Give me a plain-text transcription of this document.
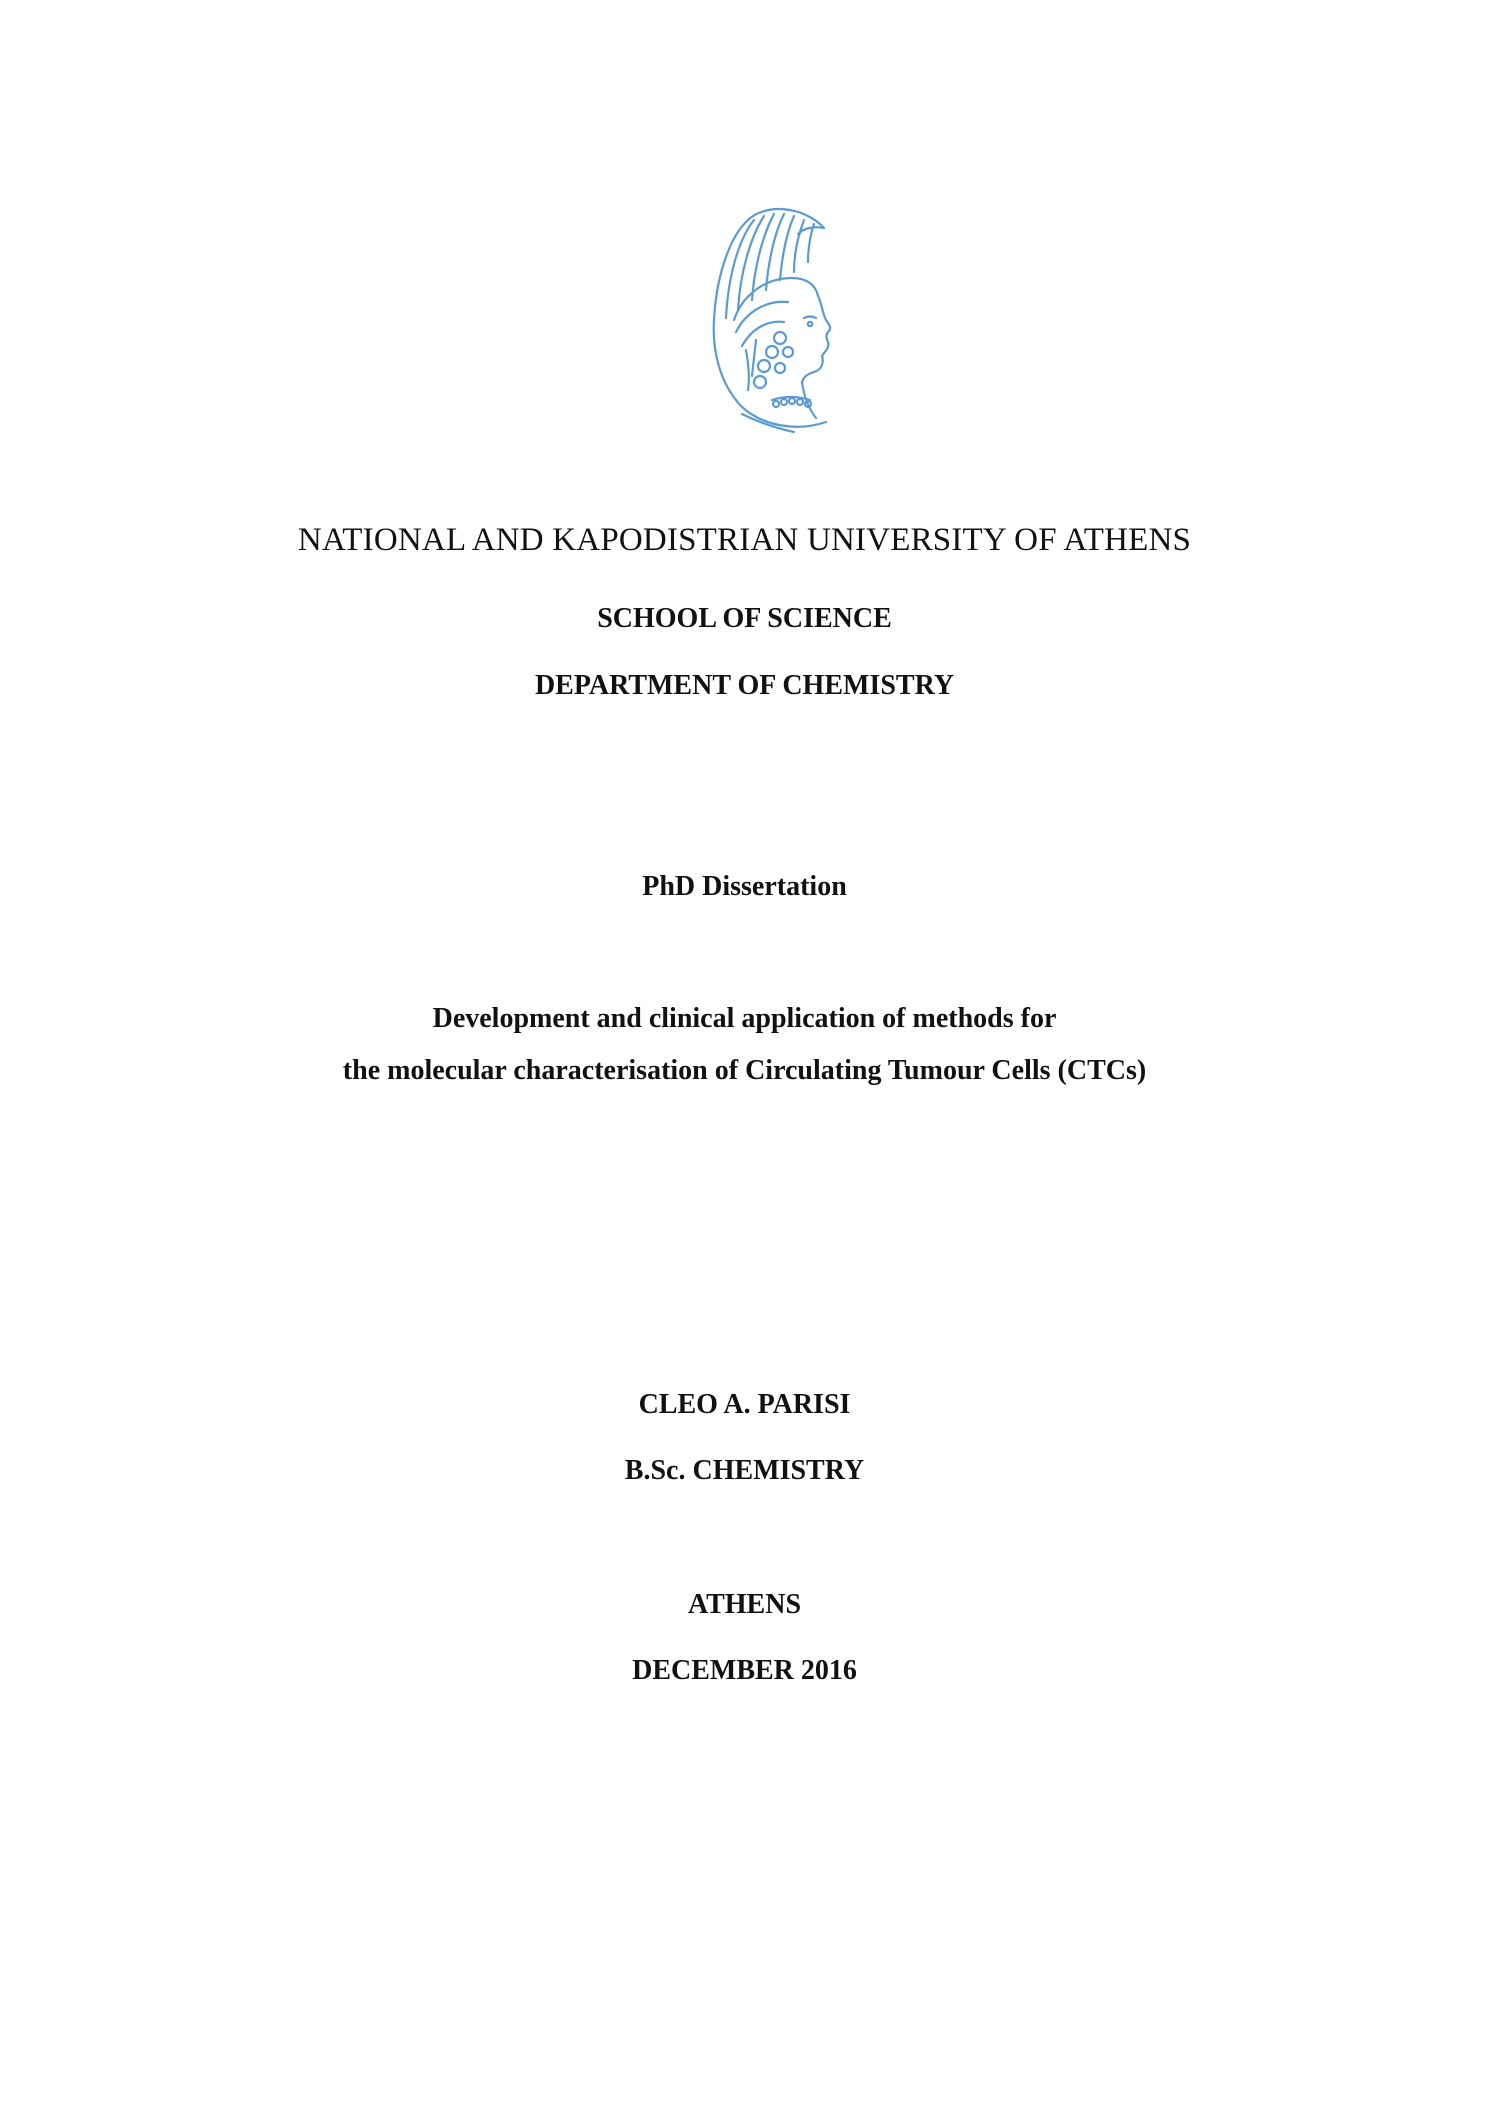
NATIONAL AND KAPODISTRIAN UNIVERSITY OF ATHENS
SCHOOL OF SCIENCE
DEPARTMENT OF CHEMISTRY
PhD Dissertation
Development and clinical application of methods for
the molecular characterisation of Circulating Tumour Cells (CTCs)
CLEO A. PARISI
B.Sc. CHEMISTRY
ATHENS
DECEMBER 2016
